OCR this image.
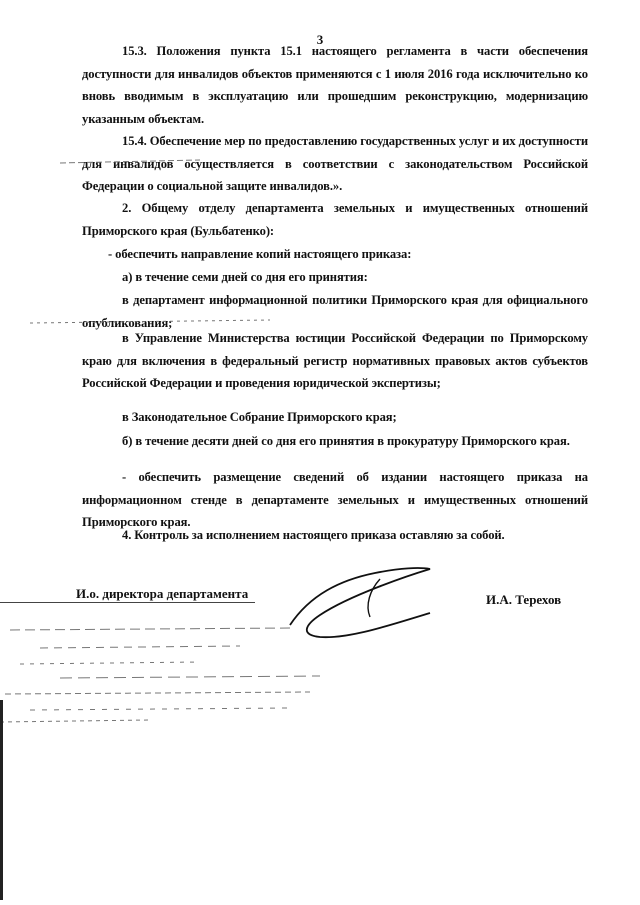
3

15.3. Положения пункта 15.1 настоящего регламента в части обеспечения доступности для инвалидов объектов применяются с 1 июля 2016 года исключительно ко вновь вводимым в эксплуатацию или прошедшим реконструкцию, модернизацию указанным объектам.

15.4. Обеспечение мер по предоставлению государственных услуг и их доступности для инвалидов осуществляется в соответствии с законодательством Российской Федерации о социальной защите инвалидов.».

2. Общему отделу департамента земельных и имущественных отношений Приморского края (Бульбатенко):

- обеспечить направление копий настоящего приказа:

а) в течение семи дней со дня его принятия:

в департамент информационной политики Приморского края для официального опубликования;

в Управление Министерства юстиции Российской Федерации по Приморскому краю для включения в федеральный регистр нормативных правовых актов субъектов Российской Федерации и проведения юридической экспертизы;

в Законодательное Собрание Приморского края;

б) в течение десяти дней со дня его принятия в прокуратуру Приморского края.

- обеспечить размещение сведений об издании настоящего приказа на информационном стенде в департаменте земельных и имущественных отношений Приморского края.

4. Контроль за исполнением настоящего приказа оставляю за собой.

И.о. директора департамента	И.А. Терехов
